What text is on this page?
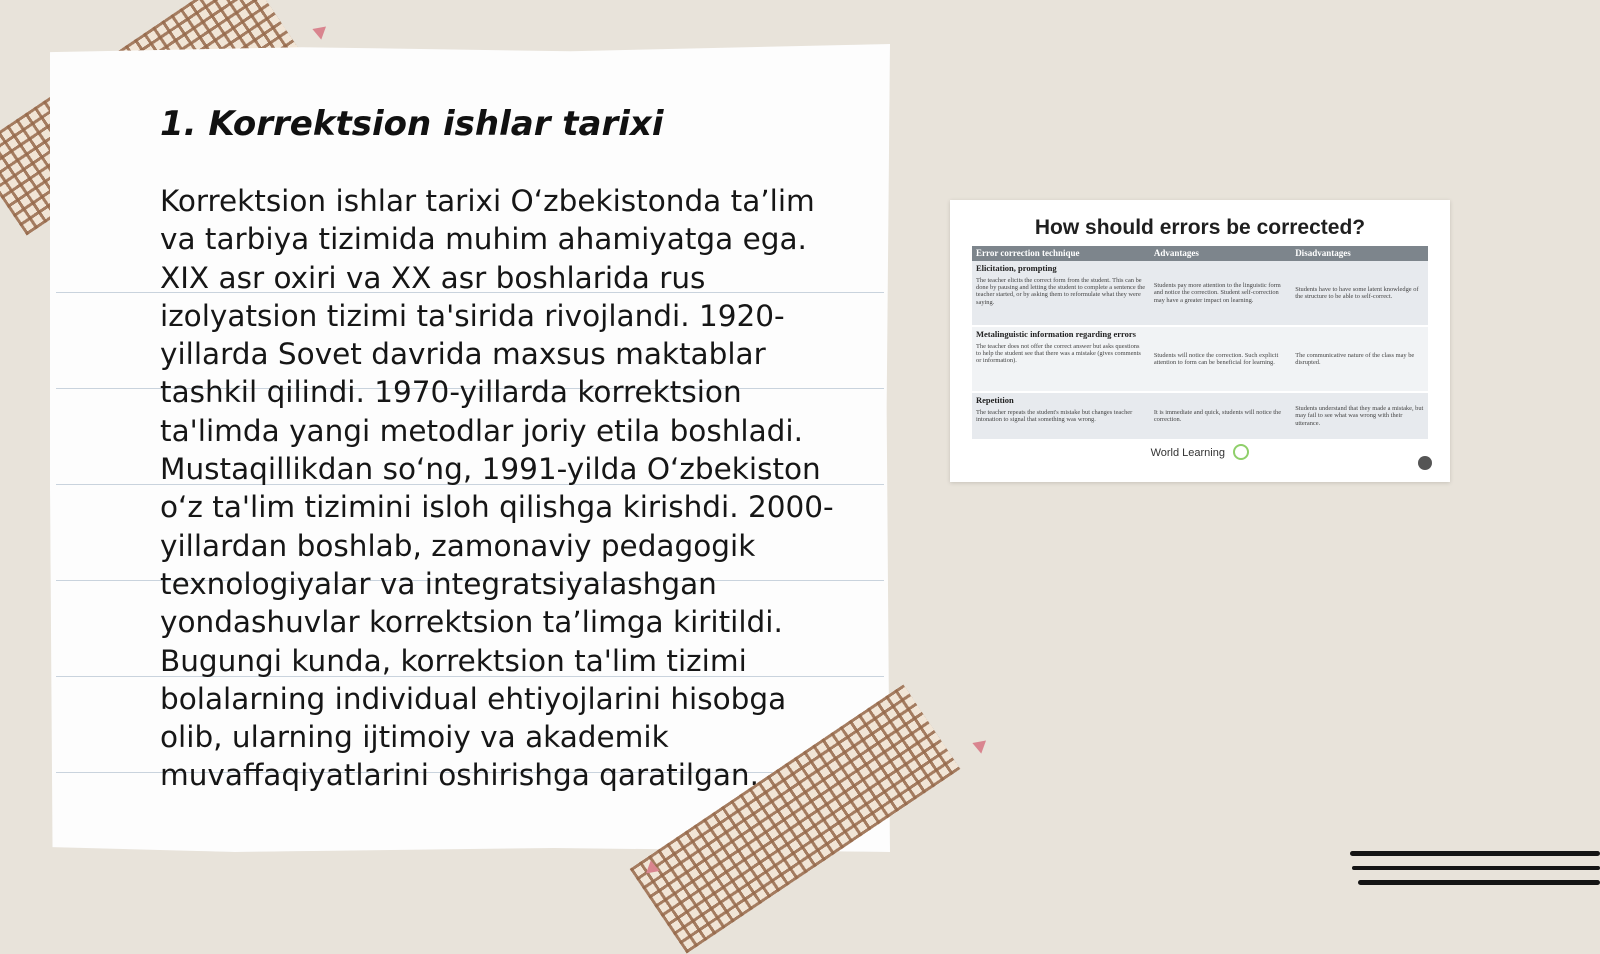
1. Korrektsion ishlar tarixi

Korrektsion ishlar tarixi O‘zbekistonda ta’lim va tarbiya tizimida muhim ahamiyatga ega. XIX asr oxiri va XX asr boshlarida rus izolyatsion tizimi ta'sirida rivojlandi. 1920-yillarda Sovet davrida maxsus maktablar tashkil qilindi. 1970-yillarda korrektsion ta'limda yangi metodlar joriy etila boshladi. Mustaqillikdan so‘ng, 1991-yilda O‘zbekiston o‘z ta'lim tizimini isloh qilishga kirishdi. 2000-yillardan boshlab, zamonaviy pedagogik texnologiyalar va integratsiyalashgan yondashuvlar korrektsion ta’limga kiritildi. Bugungi kunda, korrektsion ta'lim tizimi bolalarning individual ehtiyojlarini hisobga olib, ularning ijtimoiy va akademik muvaffaqiyatlarini oshirishga qaratilgan.

How should errors be corrected?
Error correction technique	Advantages	Disadvantages

Elicitation, prompting
The teacher elicits the correct form from the student. This can be done by pausing and letting the student to complete a sentence the teacher started, or by asking them to reformulate what they were saying.	Students pay more attention to the linguistic form and notice the correction. Student self-correction may have a greater impact on learning.	Students have to have some latent knowledge of the structure to be able to self-correct.

Metalinguistic information regarding errors
The teacher does not offer the correct answer but asks questions to help the student see that there was a mistake (gives comments or information).	Students will notice the correction. Such explicit attention to form can be beneficial for learning.	The communicative nature of the class may be disrupted.

Repetition
The teacher repeats the student's mistake but changes teacher intonation to signal that something was wrong.	It is immediate and quick, students will notice the correction.	Students understand that they made a mistake, but may fail to see what was wrong with their utterance.
World Learning
